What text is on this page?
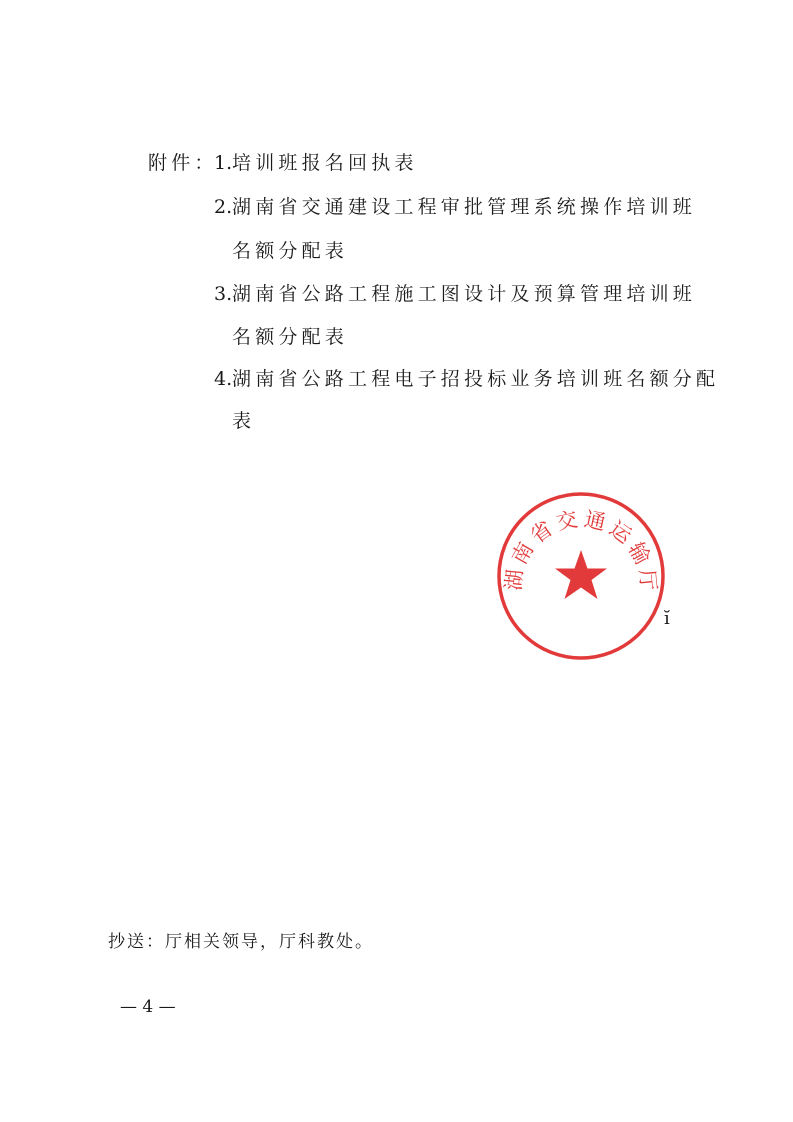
附件：
1.培训班报名回执表
2.湖南省交通建设工程审批管理系统操作培训班
名额分配表
3.湖南省公路工程施工图设计及预算管理培训班
名额分配表
4.湖南省公路工程电子招投标业务培训班名额分配
表
湖 南 省 交 通 运 输 厅
ĭ
抄送：厅相关领导，厅科教处。
— 4 —
